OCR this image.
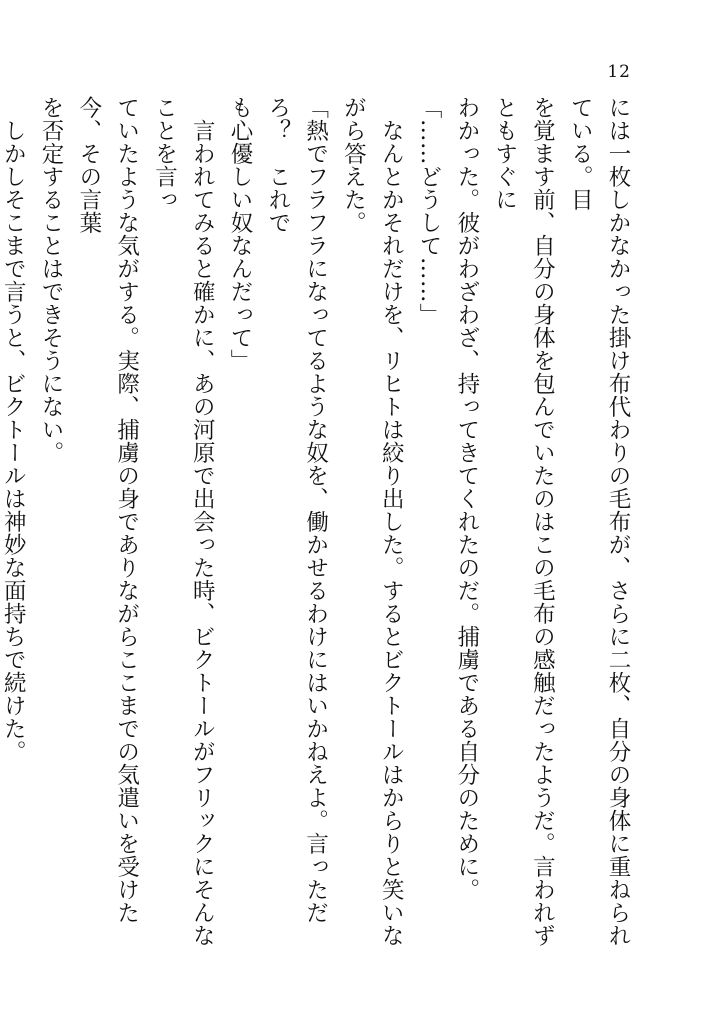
12

には一枚しかなかった掛け布代わりの毛布が、さらに二枚、自分の身体に重ねられている。目

を覚ます前、自分の身体を包んでいたのはこの毛布の感触だったようだ。言われずともすぐに

わかった。彼がわざわざ、持ってきてくれたのだ。捕虜である自分のために。

「……どうして……」

　なんとかそれだけを、リヒトは絞り出した。するとビクトールはからりと笑いながら答えた。

「熱でフラフラになってるような奴を、働かせるわけにはいかねえよ。言っただろ？　これで

も心優しい奴なんだって」

　言われてみると確かに、あの河原で出会った時、ビクトールがフリックにそんなことを言っ

ていたような気がする。実際、捕虜の身でありながらここまでの気遣いを受けた今、その言葉

を否定することはできそうにない。

　しかしそこまで言うと、ビクトールは神妙な面持ちで続けた。
